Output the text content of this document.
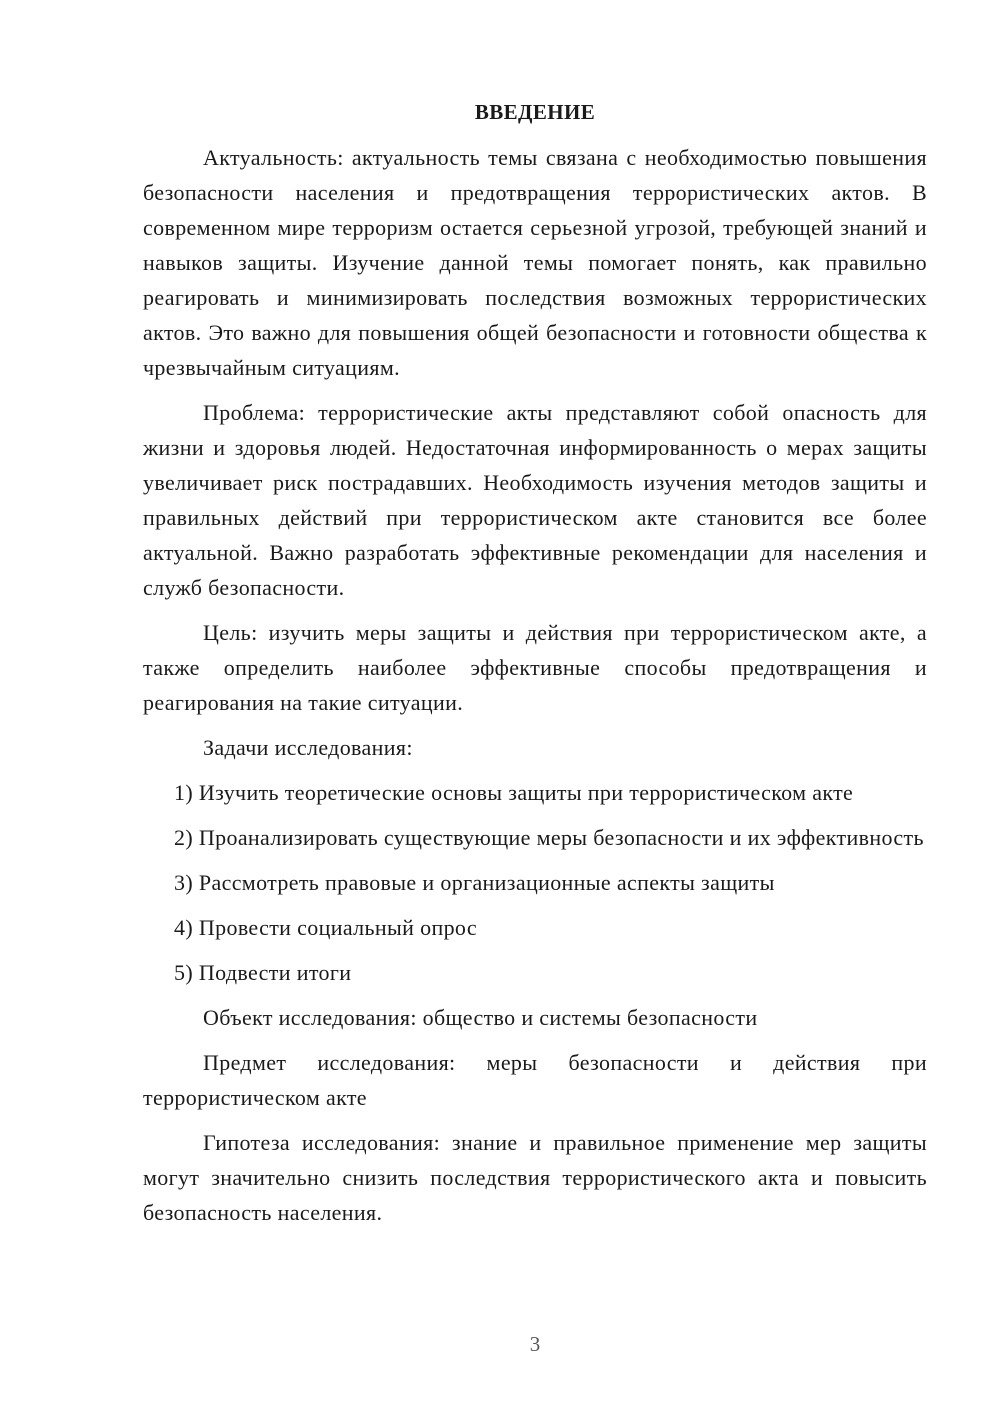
ВВЕДЕНИЕ

Актуальность: актуальность темы связана с необходимостью повышения безопасности населения и предотвращения террористических актов. В современном мире терроризм остается серьезной угрозой, требующей знаний и навыков защиты. Изучение данной темы помогает понять, как правильно реагировать и минимизировать последствия возможных террористических актов. Это важно для повышения общей безопасности и готовности общества к чрезвычайным ситуациям.

Проблема: террористические акты представляют собой опасность для жизни и здоровья людей. Недостаточная информированность о мерах защиты увеличивает риск пострадавших. Необходимость изучения методов защиты и правильных действий при террористическом акте становится все более актуальной. Важно разработать эффективные рекомендации для населения и служб безопасности.

Цель: изучить меры защиты и действия при террористическом акте, а также определить наиболее эффективные способы предотвращения и реагирования на такие ситуации.

Задачи исследования:

1) Изучить теоретические основы защиты при террористическом акте

2) Проанализировать существующие меры безопасности и их эффективность

3) Рассмотреть правовые и организационные аспекты защиты

4) Провести социальный опрос

5) Подвести итоги

Объект исследования: общество и системы безопасности

Предмет исследования: меры безопасности и действия при террористическом акте

Гипотеза исследования: знание и правильное применение мер защиты могут значительно снизить последствия террористического акта и повысить безопасность населения.

3
